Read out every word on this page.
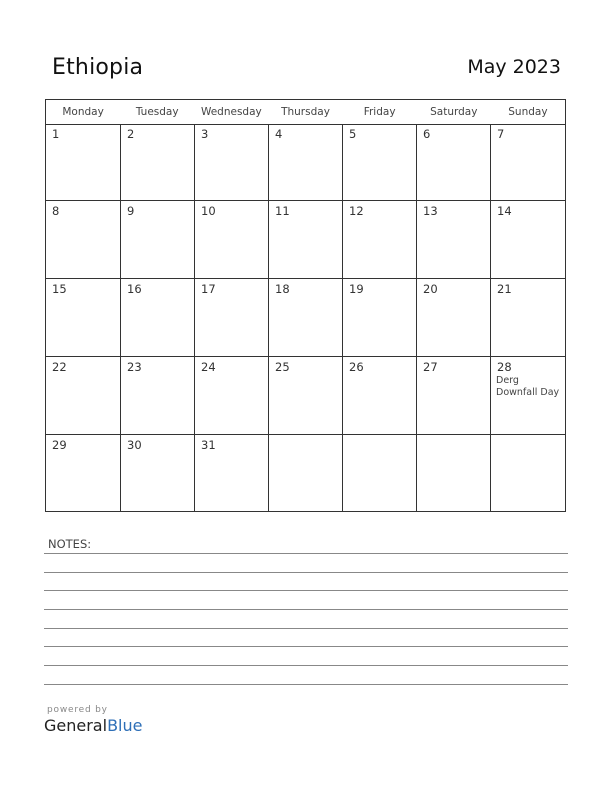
Ethiopia	May 2023
Monday	Tuesday	Wednesday	Thursday	Friday	Saturday	Sunday
1	2	3	4	5	6	7
8	9	10	11	12	13	14
15	16	17	18	19	20	21
22	23	24	25	26	27	28
Derg Downfall Day
29	30	31
NOTES:
powered by
GeneralBlue
